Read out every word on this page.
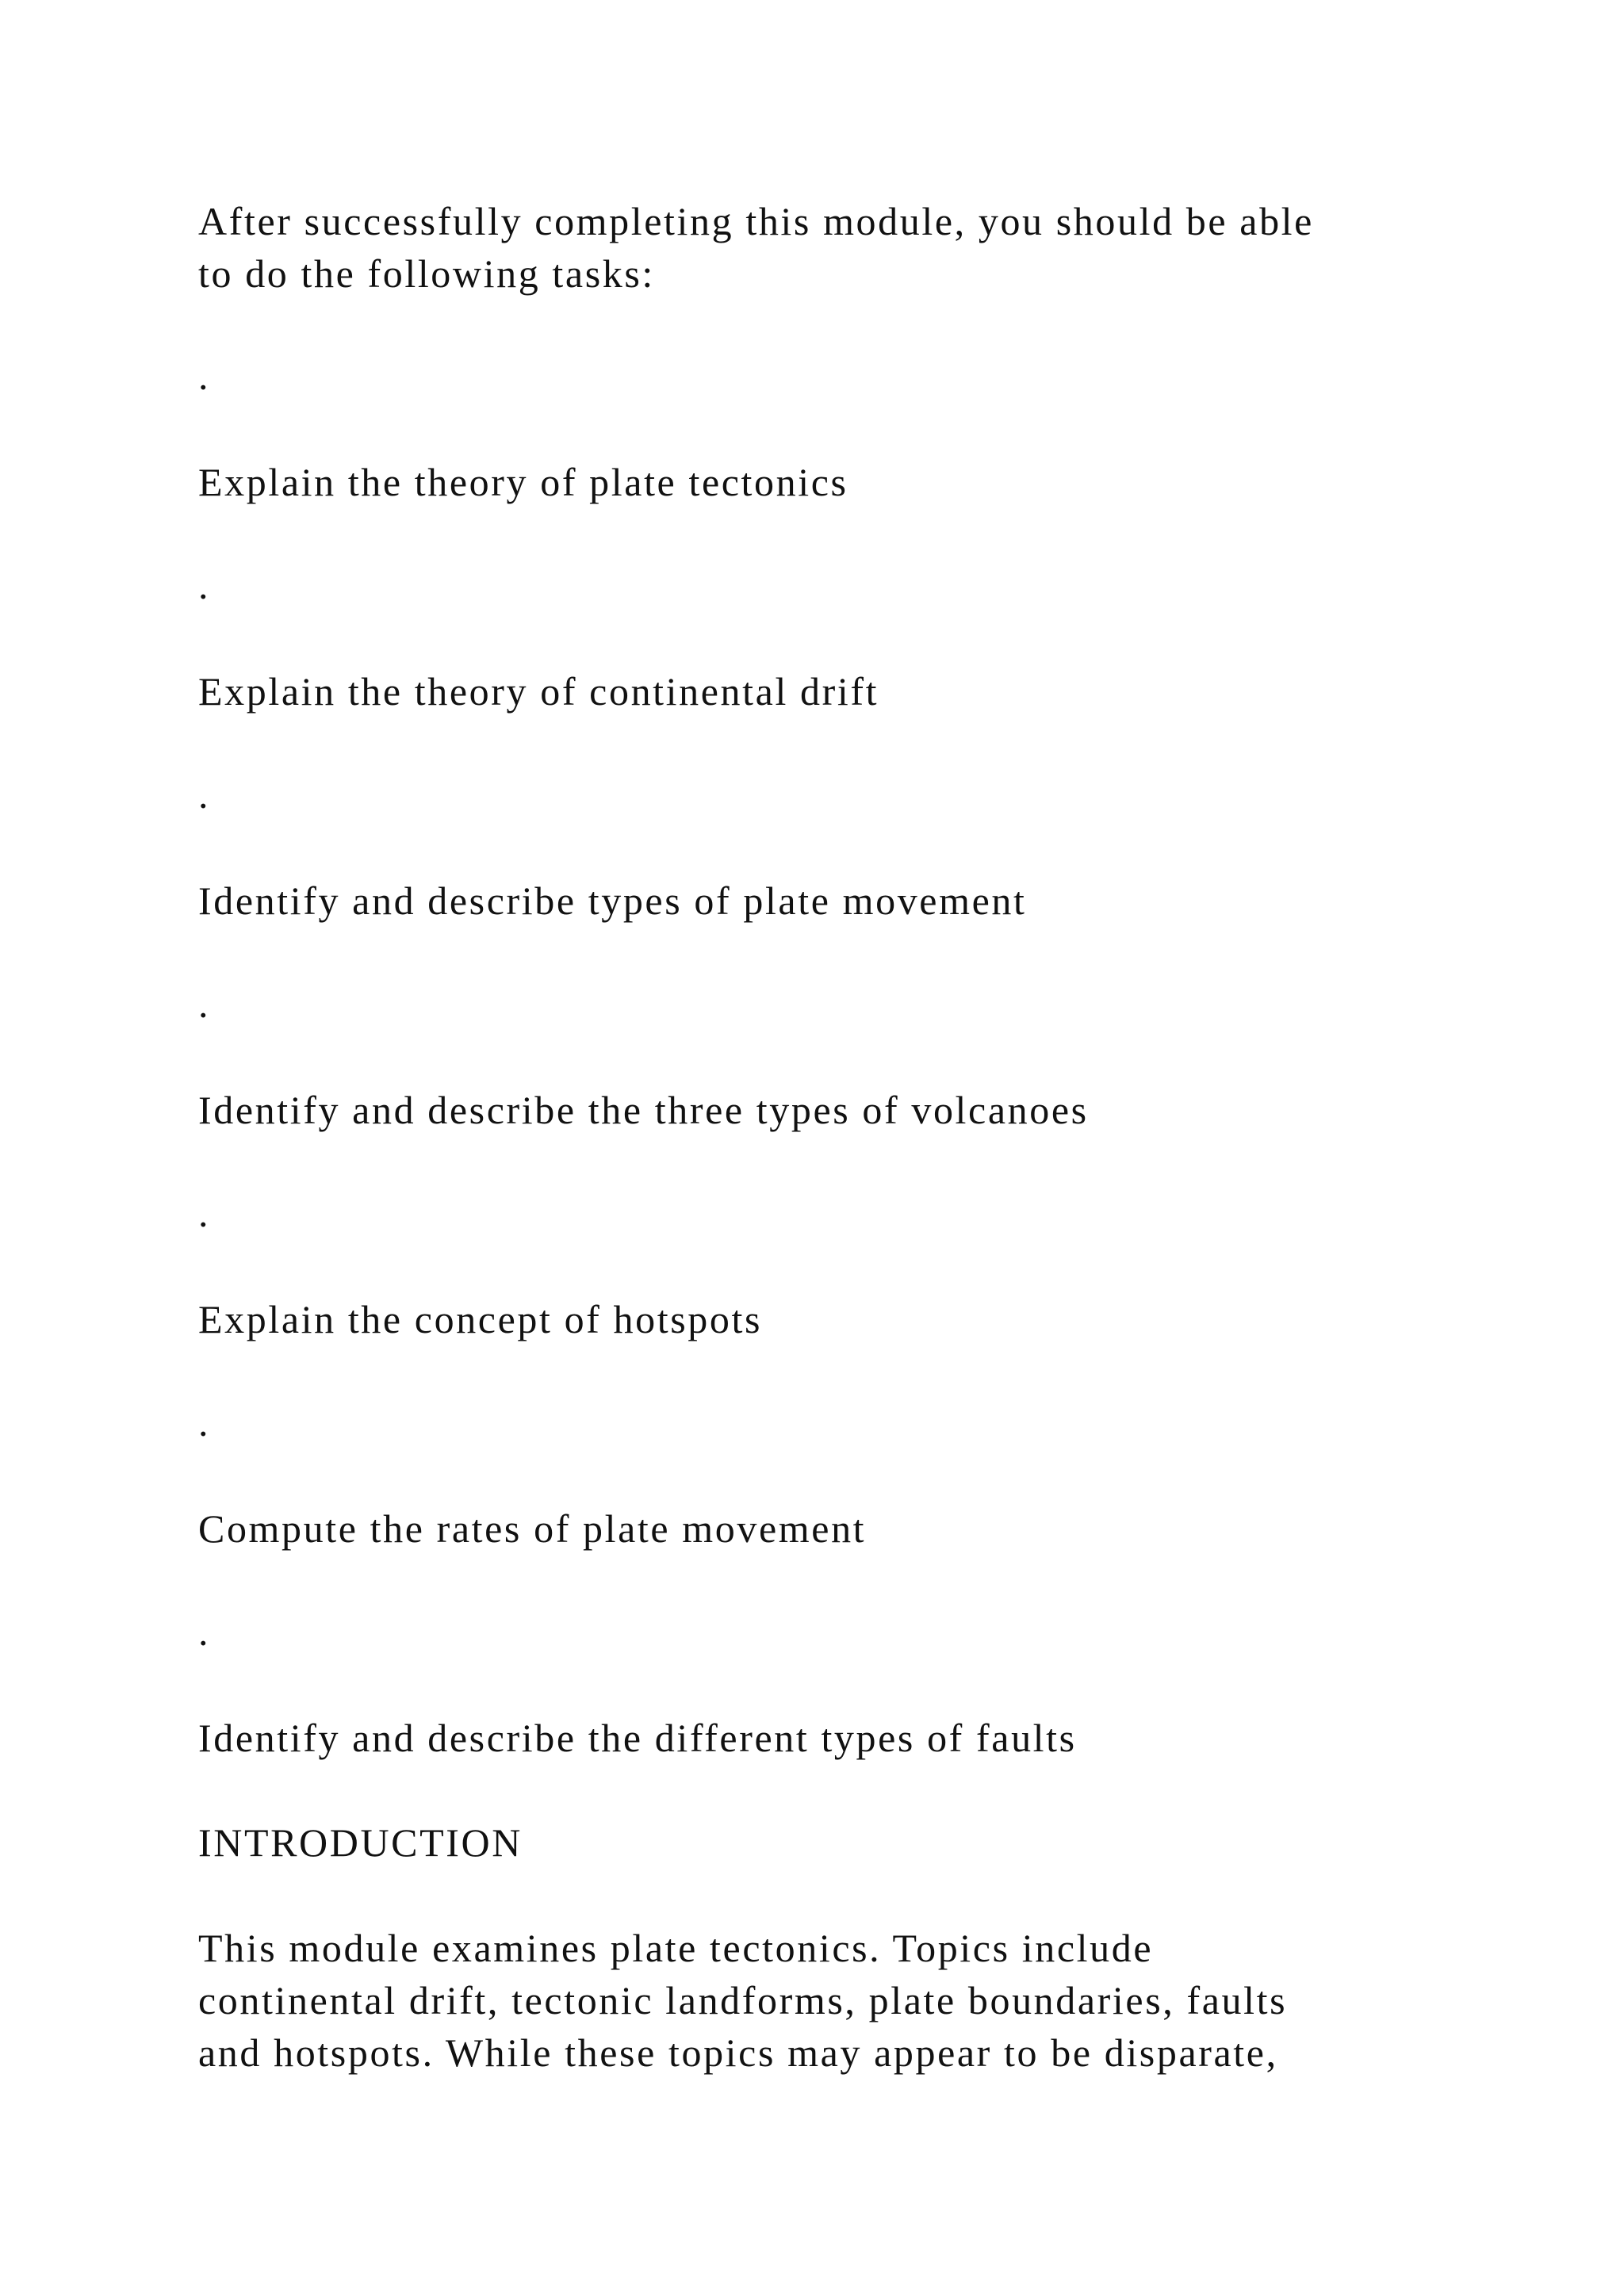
After successfully completing this module, you should be able
to do the following tasks:
.
Explain the theory of plate tectonics
.
Explain the theory of continental drift
.
Identify and describe types of plate movement
.
Identify and describe the three types of volcanoes
.
Explain the concept of hotspots
.
Compute the rates of plate movement
.
Identify and describe the different types of faults
INTRODUCTION
This module examines plate tectonics. Topics include
continental drift, tectonic landforms, plate boundaries, faults
and hotspots. While these topics may appear to be disparate,
